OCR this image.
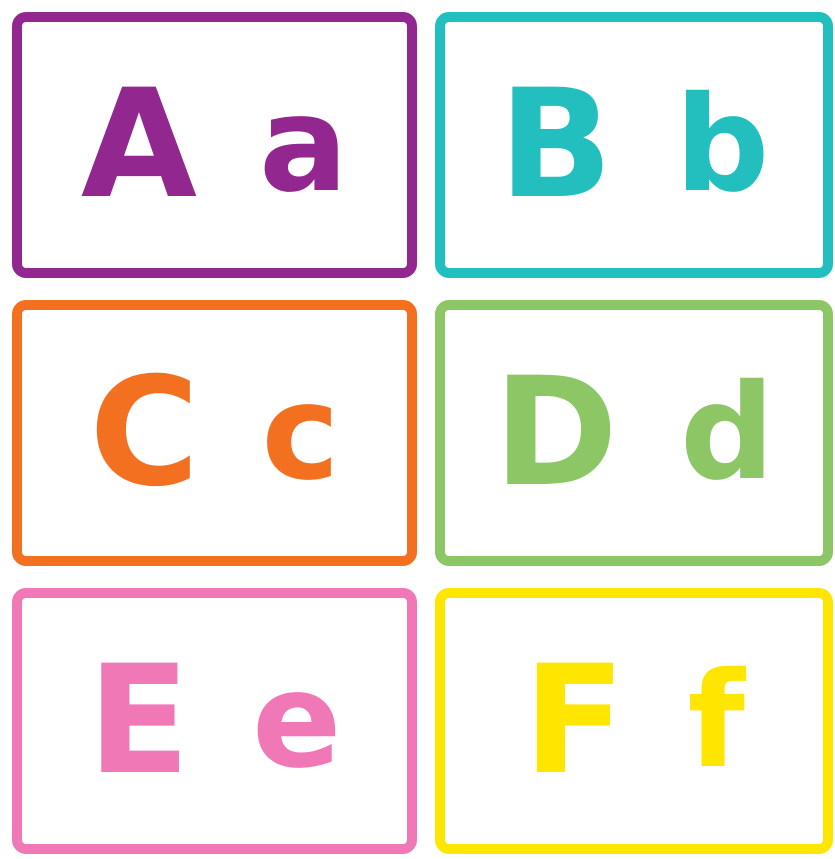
A a B b
C c D d
E e F f
